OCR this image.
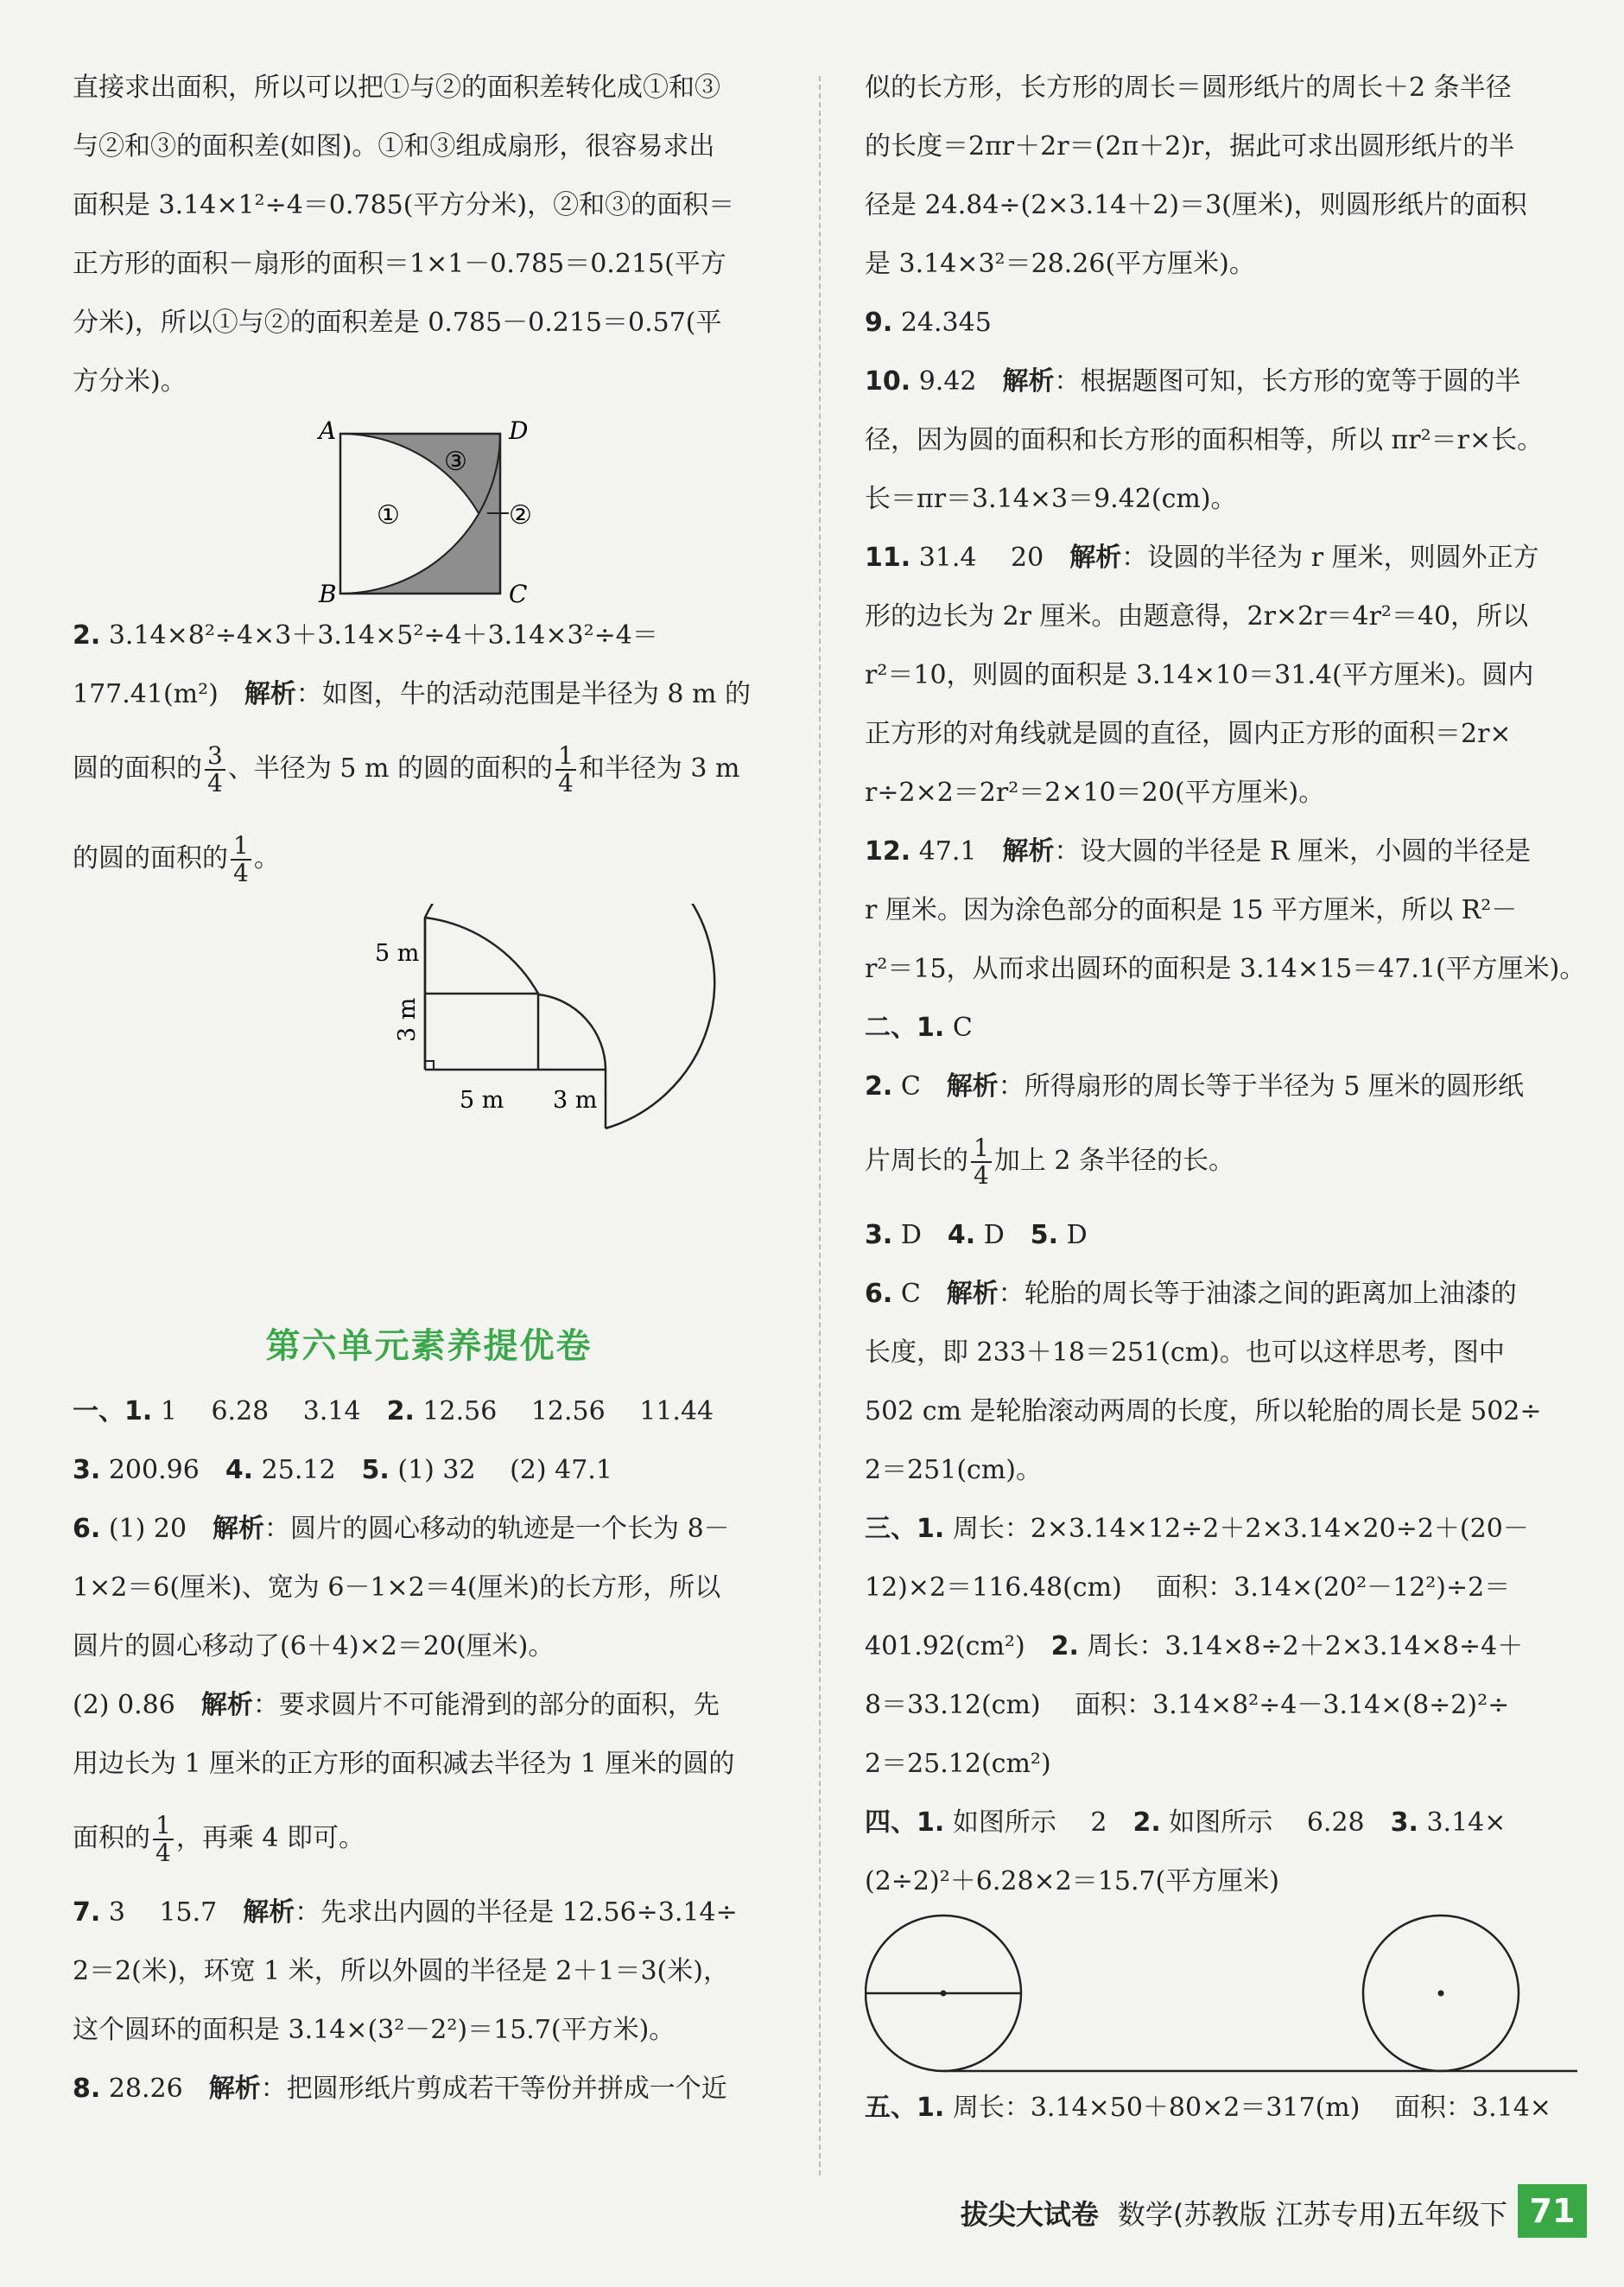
直接求出面积，所以可以把①与②的面积差转化成①和③

与②和③的面积差(如图)。①和③组成扇形，很容易求出

面积是 3.14×1²÷4＝0.785(平方分米)，②和③的面积＝

正方形的面积－扇形的面积＝1×1－0.785＝0.215(平方

分米)，所以①与②的面积差是 0.785－0.215＝0.57(平

方分米)。

A	D
B	C
①
③
②

2. 3.14×8²÷4×3＋3.14×5²÷4＋3.14×3²÷4＝

177.41(m²)　 解析：如图，牛的活动范围是半径为 8 m 的

圆的面积的 $\frac{3}{4}$ 、半径为 5 m 的圆的面积的 $\frac{1}{4}$ 和半径为 3 m

的圆的面积的 $\frac{1}{4}$ 。

5 m
3 m
5 m 3 m

第六单元素养提优卷

一、1. 1　 6.28　 3.14　2. 12.56　 12.56　 11.44

3. 200.96　4. 25.12　5. (1) 32　 (2) 47.1

6. (1) 20　解析：圆片的圆心移动的轨迹是一个长为 8－

1×2＝6(厘米)、宽为 6－1×2＝4(厘米)的长方形，所以

圆片的圆心移动了(6＋4)×2＝20(厘米)。

(2) 0.86　解析：要求圆片不可能滑到的部分的面积，先

用边长为 1 厘米的正方形的面积减去半径为 1 厘米的圆的

面积的 $\frac{1}{4}$ ，再乘 4 即可。

7. 3　 15.7　解析：先求出内圆的半径是 12.56÷3.14÷

2＝2(米)，环宽 1 米，所以外圆的半径是 2＋1＝3(米)，

这个圆环的面积是 3.14×(3²－2²)＝15.7(平方米)。

8. 28.26　解析：把圆形纸片剪成若干等份并拼成一个近

似的长方形，长方形的周长＝圆形纸片的周长＋2 条半径

的长度＝2πr＋2r＝(2π＋2)r，据此可求出圆形纸片的半

径是 24.84÷(2×3.14＋2)＝3(厘米)，则圆形纸片的面积

是 3.14×3²＝28.26(平方厘米)。

9. 24.345

10. 9.42　解析：根据题图可知，长方形的宽等于圆的半

径，因为圆的面积和长方形的面积相等，所以 πr²＝r×长。

长＝πr＝3.14×3＝9.42(cm)。

11. 31.4　 20　解析：设圆的半径为 r 厘米，则圆外正方

形的边长为 2r 厘米。由题意得，2r×2r＝4r²＝40，所以

r²＝10，则圆的面积是 3.14×10＝31.4(平方厘米)。圆内

正方形的对角线就是圆的直径，圆内正方形的面积＝2r×

r÷2×2＝2r²＝2×10＝20(平方厘米)。

12. 47.1　解析：设大圆的半径是 R 厘米，小圆的半径是

r 厘米。因为涂色部分的面积是 15 平方厘米，所以 R²－

r²＝15，从而求出圆环的面积是 3.14×15＝47.1(平方厘米)。

二、1. C

2. C　解析：所得扇形的周长等于半径为 5 厘米的圆形纸

片周长的 $\frac{1}{4}$ 加上 2 条半径的长。

3. D　4. D　5. D

6. C　解析：轮胎的周长等于油漆之间的距离加上油漆的

长度，即 233＋18＝251(cm)。也可以这样思考，图中

502 cm 是轮胎滚动两周的长度，所以轮胎的周长是 502÷

2＝251(cm)。

三、1. 周长：2×3.14×12÷2＋2×3.14×20÷2＋(20－

12)×2＝116.48(cm)　 面积：3.14×(20²－12²)÷2＝

401.92(cm²)　2. 周长：3.14×8÷2＋2×3.14×8÷4＋

8＝33.12(cm)　 面积：3.14×8²÷4－3.14×(8÷2)²÷

2＝25.12(cm²)

四、1. 如图所示　 2　2. 如图所示　 6.28　3. 3.14×

(2÷2)²＋6.28×2＝15.7(平方厘米)

五、1. 周长：3.14×50＋80×2＝317(m)　 面积：3.14×

拔尖大试卷 数学(苏教版 江苏专用)五年级下 71
